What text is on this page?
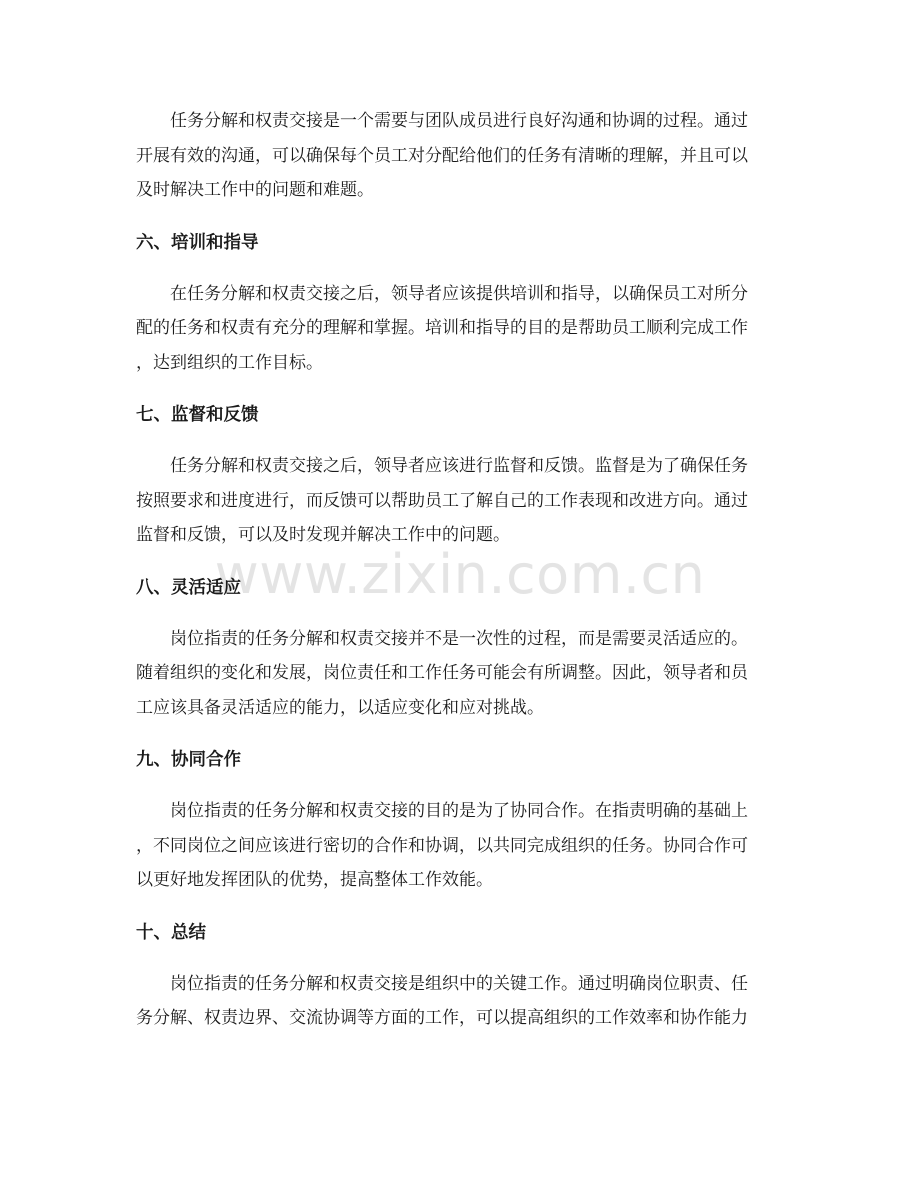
www.zixin.com.cn

任务分解和权责交接是一个需要与团队成员进行良好沟通和协调的过程。通过
开展有效的沟通，可以确保每个员工对分配给他们的任务有清晰的理解，并且可以
及时解决工作中的问题和难题。

六、培训和指导

在任务分解和权责交接之后，领导者应该提供培训和指导，以确保员工对所分
配的任务和权责有充分的理解和掌握。培训和指导的目的是帮助员工顺利完成工作
，达到组织的工作目标。

七、监督和反馈

任务分解和权责交接之后，领导者应该进行监督和反馈。监督是为了确保任务
按照要求和进度进行，而反馈可以帮助员工了解自己的工作表现和改进方向。通过
监督和反馈，可以及时发现并解决工作中的问题。

八、灵活适应

岗位指责的任务分解和权责交接并不是一次性的过程，而是需要灵活适应的。
随着组织的变化和发展，岗位责任和工作任务可能会有所调整。因此，领导者和员
工应该具备灵活适应的能力，以适应变化和应对挑战。

九、协同合作

岗位指责的任务分解和权责交接的目的是为了协同合作。在指责明确的基础上
，不同岗位之间应该进行密切的合作和协调，以共同完成组织的任务。协同合作可
以更好地发挥团队的优势，提高整体工作效能。

十、总结

岗位指责的任务分解和权责交接是组织中的关键工作。通过明确岗位职责、任
务分解、权责边界、交流协调等方面的工作，可以提高组织的工作效率和协作能力
